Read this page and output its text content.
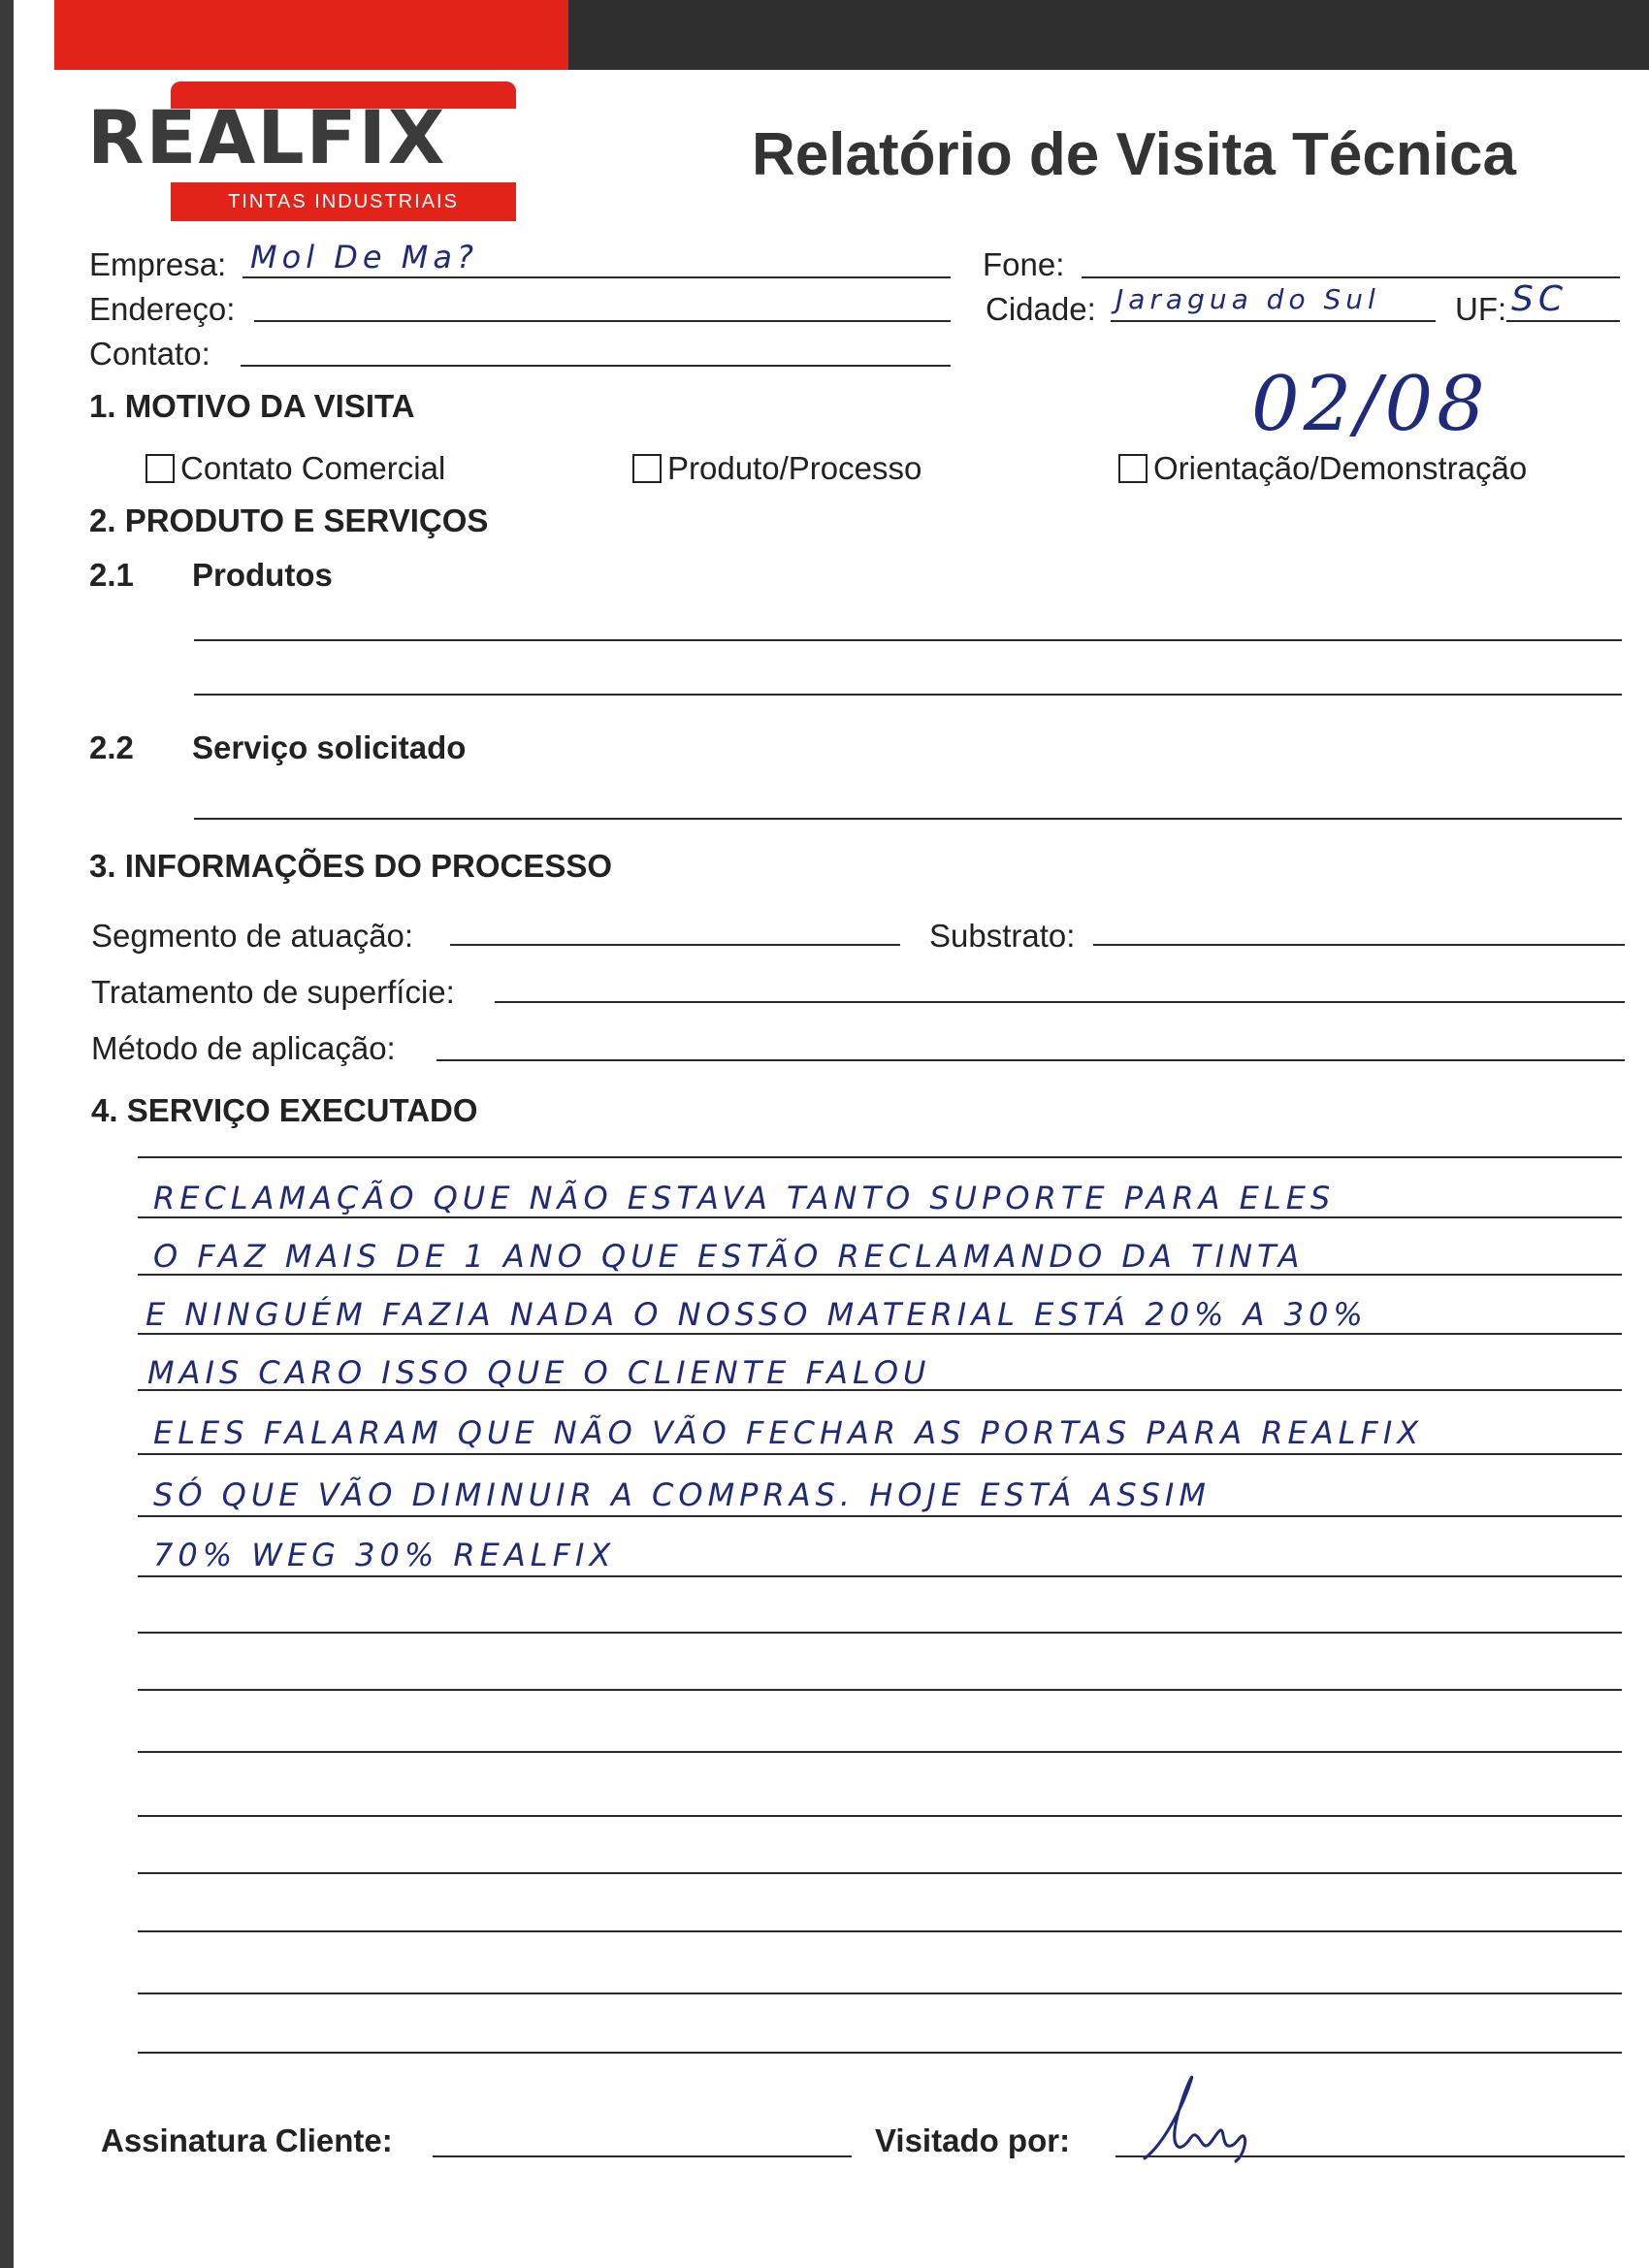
REALFIX
TINTAS INDUSTRIAIS
Relatório de Visita Técnica
Empresa: Mol De Ma?	Fone:
Endereço:	Cidade: Jaragua do Sul UF: SC
Contato:
02/08
1. MOTIVO DA VISITA
Contato Comercial	Produto/Processo	Orientação/Demonstração
2. PRODUTO E SERVIÇOS
2.1 Produtos
2.2 Serviço solicitado
3. INFORMAÇÕES DO PROCESSO
Segmento de atuação:	Substrato:
Tratamento de superfície:
Método de aplicação:
4. SERVIÇO EXECUTADO
RECLAMAÇÃO QUE NÃO ESTAVA TANTO SUPORTE PARA ELES
O FAZ MAIS DE 1 ANO QUE ESTÃO RECLAMANDO DA TINTA
E NINGUÉM FAZIA NADA O NOSSO MATERIAL ESTÁ 20% A 30%
MAIS CARO ISSO QUE O CLIENTE FALOU
ELES FALARAM QUE NÃO VÃO FECHAR AS PORTAS PARA REALFIX
SÓ QUE VÃO DIMINUIR A COMPRAS. HOJE ESTÁ ASSIM
70% WEG 30% REALFIX
Assinatura Cliente:	Visitado por:
